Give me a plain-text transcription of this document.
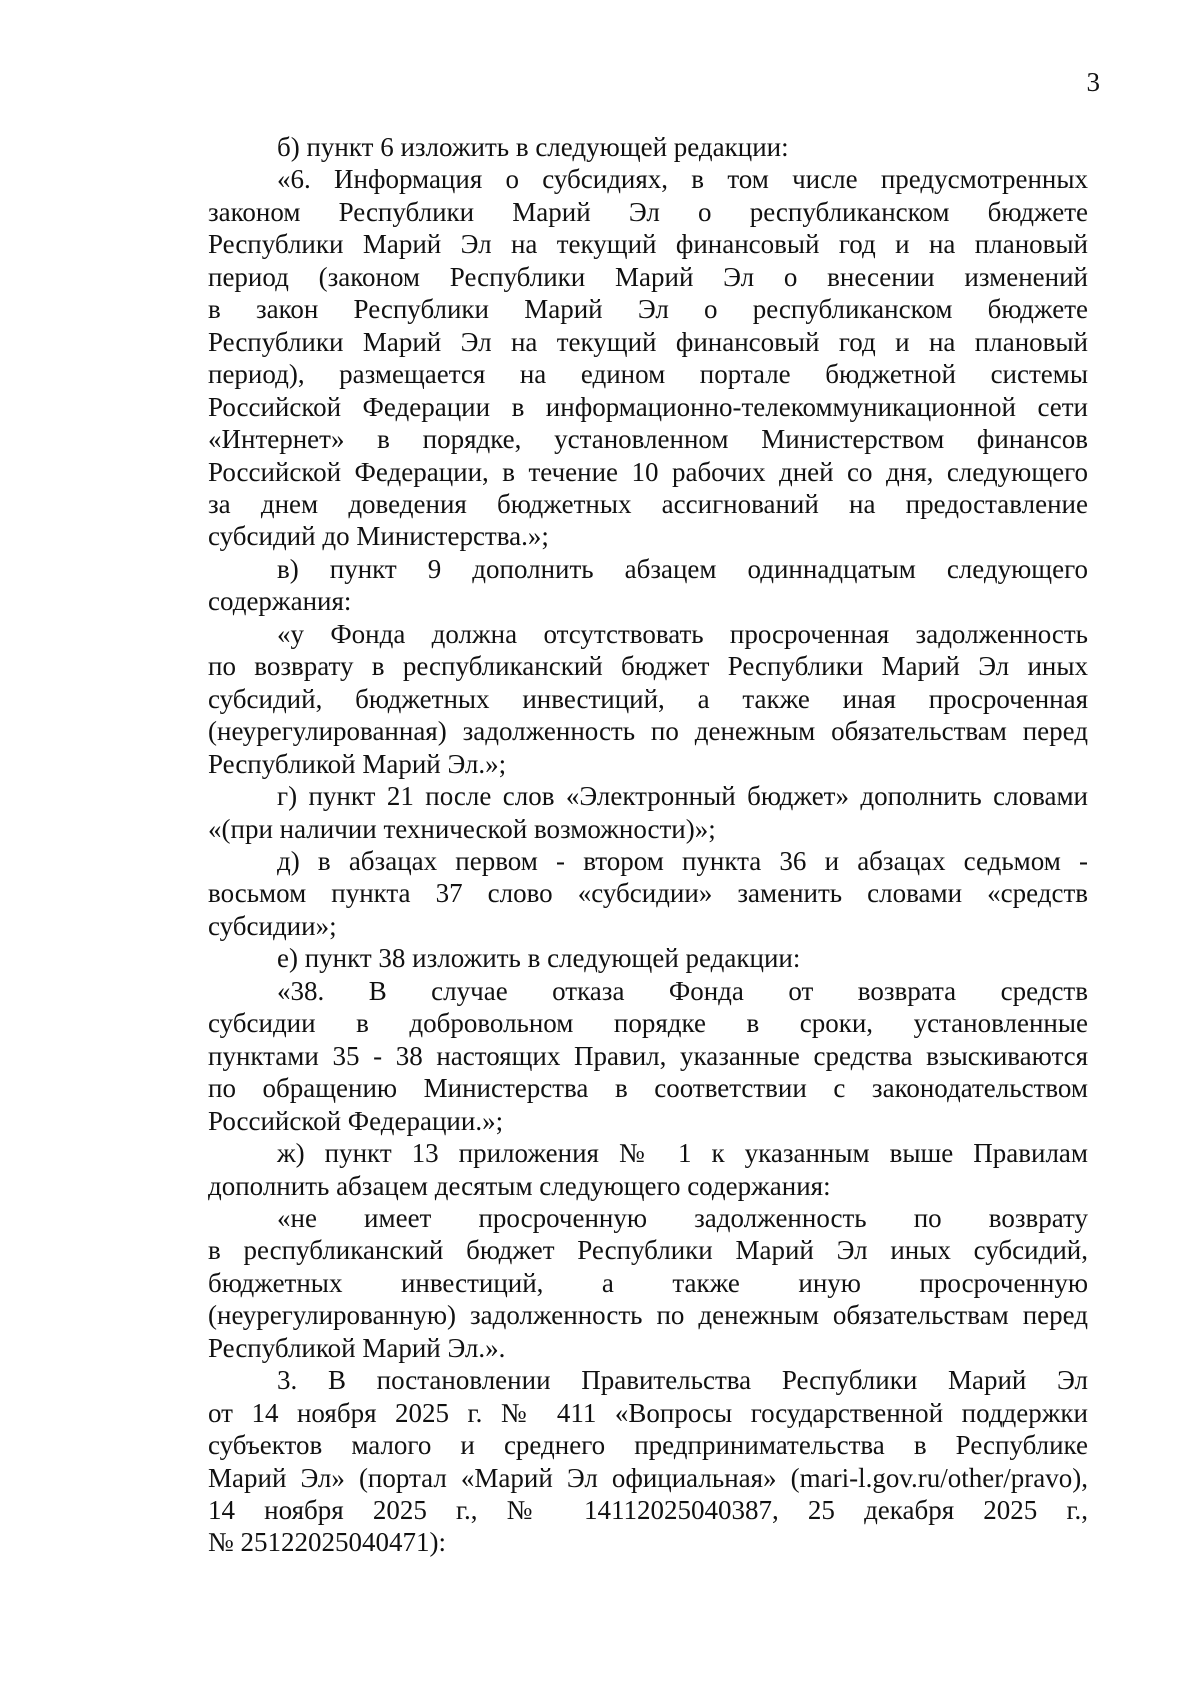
3
б) пункт 6 изложить в следующей редакции:
«6. Информация о субсидиях, в том числе предусмотренных
законом Республики Марий Эл о республиканском бюджете
Республики Марий Эл на текущий финансовый год и на плановый
период (законом Республики Марий Эл о внесении изменений
в закон Республики Марий Эл о республиканском бюджете
Республики Марий Эл на текущий финансовый год и на плановый
период), размещается на едином портале бюджетной системы
Российской Федерации в информационно-телекоммуникационной сети
«Интернет» в порядке, установленном Министерством финансов
Российской Федерации, в течение 10 рабочих дней со дня, следующего
за днем доведения бюджетных ассигнований на предоставление
субсидий до Министерства.»;
в) пункт 9 дополнить абзацем одиннадцатым следующего
содержания:
«у Фонда должна отсутствовать просроченная задолженность
по возврату в республиканский бюджет Республики Марий Эл иных
субсидий, бюджетных инвестиций, а также иная просроченная
(неурегулированная) задолженность по денежным обязательствам перед
Республикой Марий Эл.»;
г) пункт 21 после слов «Электронный бюджет» дополнить словами
«(при наличии технической возможности)»;
д) в абзацах первом - втором пункта 36 и абзацах седьмом -
восьмом пункта 37 слово «субсидии» заменить словами «средств
субсидии»;
е) пункт 38 изложить в следующей редакции:
«38. В случае отказа Фонда от возврата средств
субсидии в добровольном порядке в сроки, установленные
пунктами 35 - 38 настоящих Правил, указанные средства взыскиваются
по обращению Министерства в соответствии с законодательством
Российской Федерации.»;
ж) пункт 13 приложения № 1 к указанным выше Правилам
дополнить абзацем десятым следующего содержания:
«не имеет просроченную задолженность по возврату
в республиканский бюджет Республики Марий Эл иных субсидий,
бюджетных инвестиций, а также иную просроченную
(неурегулированную) задолженность по денежным обязательствам перед
Республикой Марий Эл.».
3. В постановлении Правительства Республики Марий Эл
от 14 ноября 2025 г. № 411 «Вопросы государственной поддержки
субъектов малого и среднего предпринимательства в Республике
Марий Эл» (портал «Марий Эл официальная» (mari-l.gov.ru/other/pravo),
14 ноября 2025 г., № 14112025040387, 25 декабря 2025 г.,
№ 25122025040471):
